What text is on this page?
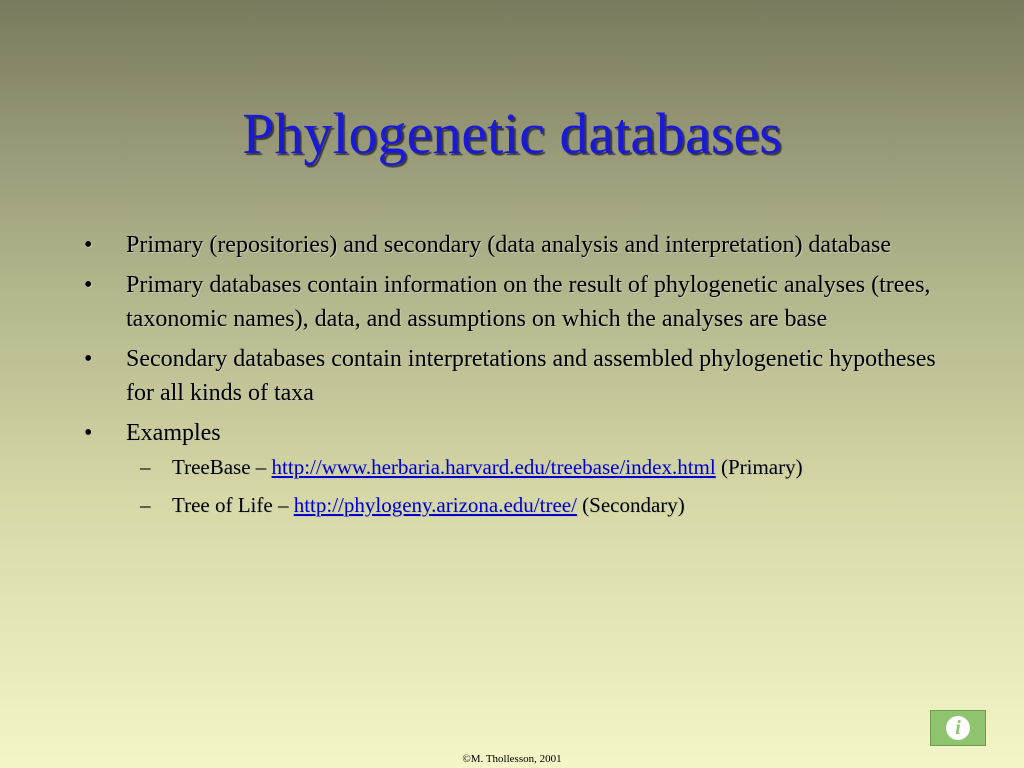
Phylogenetic databases
• Primary (repositories) and secondary (data analysis and interpretation) database
• Primary databases contain information on the result of phylogenetic analyses (trees, taxonomic names), data, and assumptions on which the analyses are base
• Secondary databases contain interpretations and assembled phylogenetic hypotheses for all kinds of taxa
• Examples
– TreeBase – http://www.herbaria.harvard.edu/treebase/index.html (Primary)
– Tree of Life – http://phylogeny.arizona.edu/tree/ (Secondary)
i
©M. Thollesson, 2001
